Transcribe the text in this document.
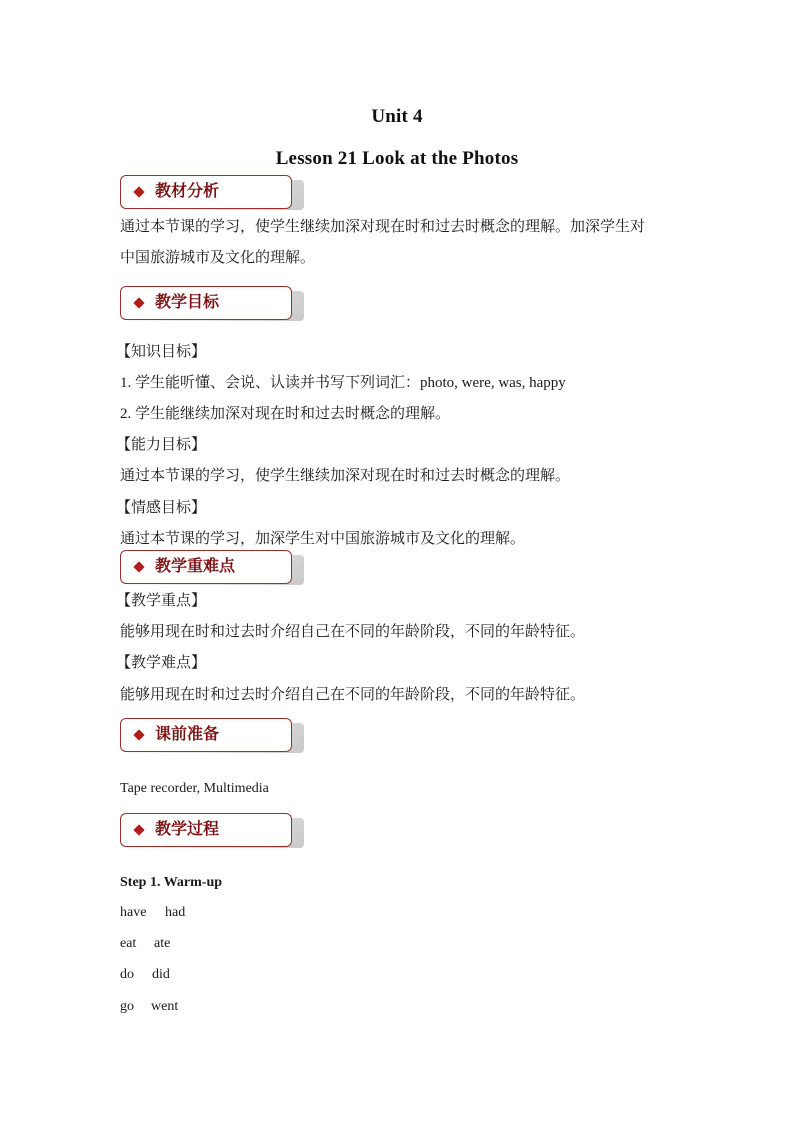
Unit 4
Lesson 21 Look at the Photos
教材分析
通过本节课的学习，使学生继续加深对现在时和过去时概念的理解。加深学生对
中国旅游城市及文化的理解。
教学目标
【知识目标】
1. 学生能听懂、会说、认读并书写下列词汇：photo, were, was, happy
2. 学生能继续加深对现在时和过去时概念的理解。
【能力目标】
通过本节课的学习，使学生继续加深对现在时和过去时概念的理解。
【情感目标】
通过本节课的学习，加深学生对中国旅游城市及文化的理解。
教学重难点
【教学重点】
能够用现在时和过去时介绍自己在不同的年龄阶段，不同的年龄特征。
【教学难点】
能够用现在时和过去时介绍自己在不同的年龄阶段，不同的年龄特征。
课前准备
Tape recorder, Multimedia
教学过程
Step 1. Warm-up
have had
eat ate
do did
go went
